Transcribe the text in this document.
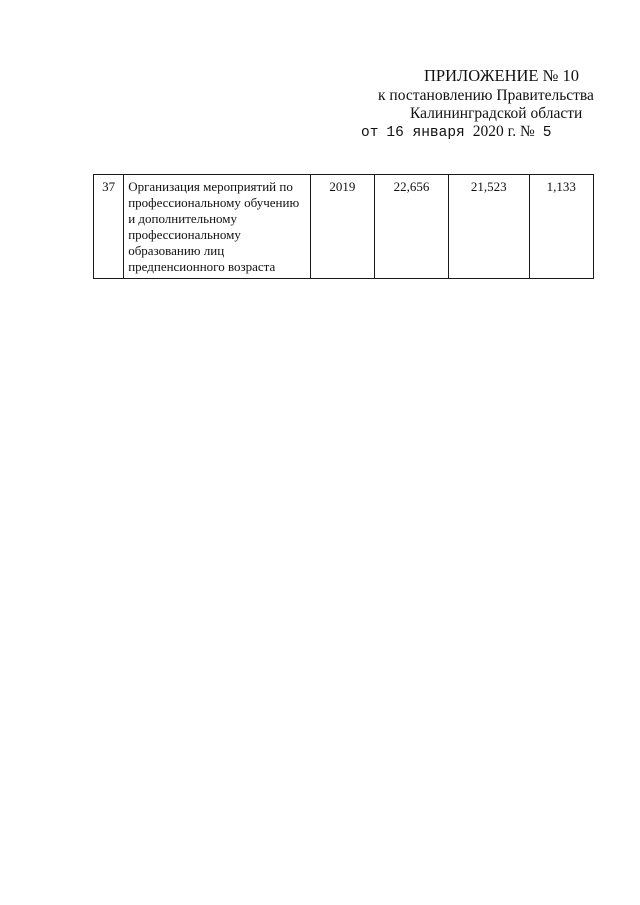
ПРИЛОЖЕНИЕ № 10
к постановлению Правительства
Калининградской области
от 16 января 2020 г. № 5
37	Организация мероприятий по профессиональному обучению и дополнительному профессиональному образованию лиц предпенсионного возраста	2019	22,656	21,523	1,133
